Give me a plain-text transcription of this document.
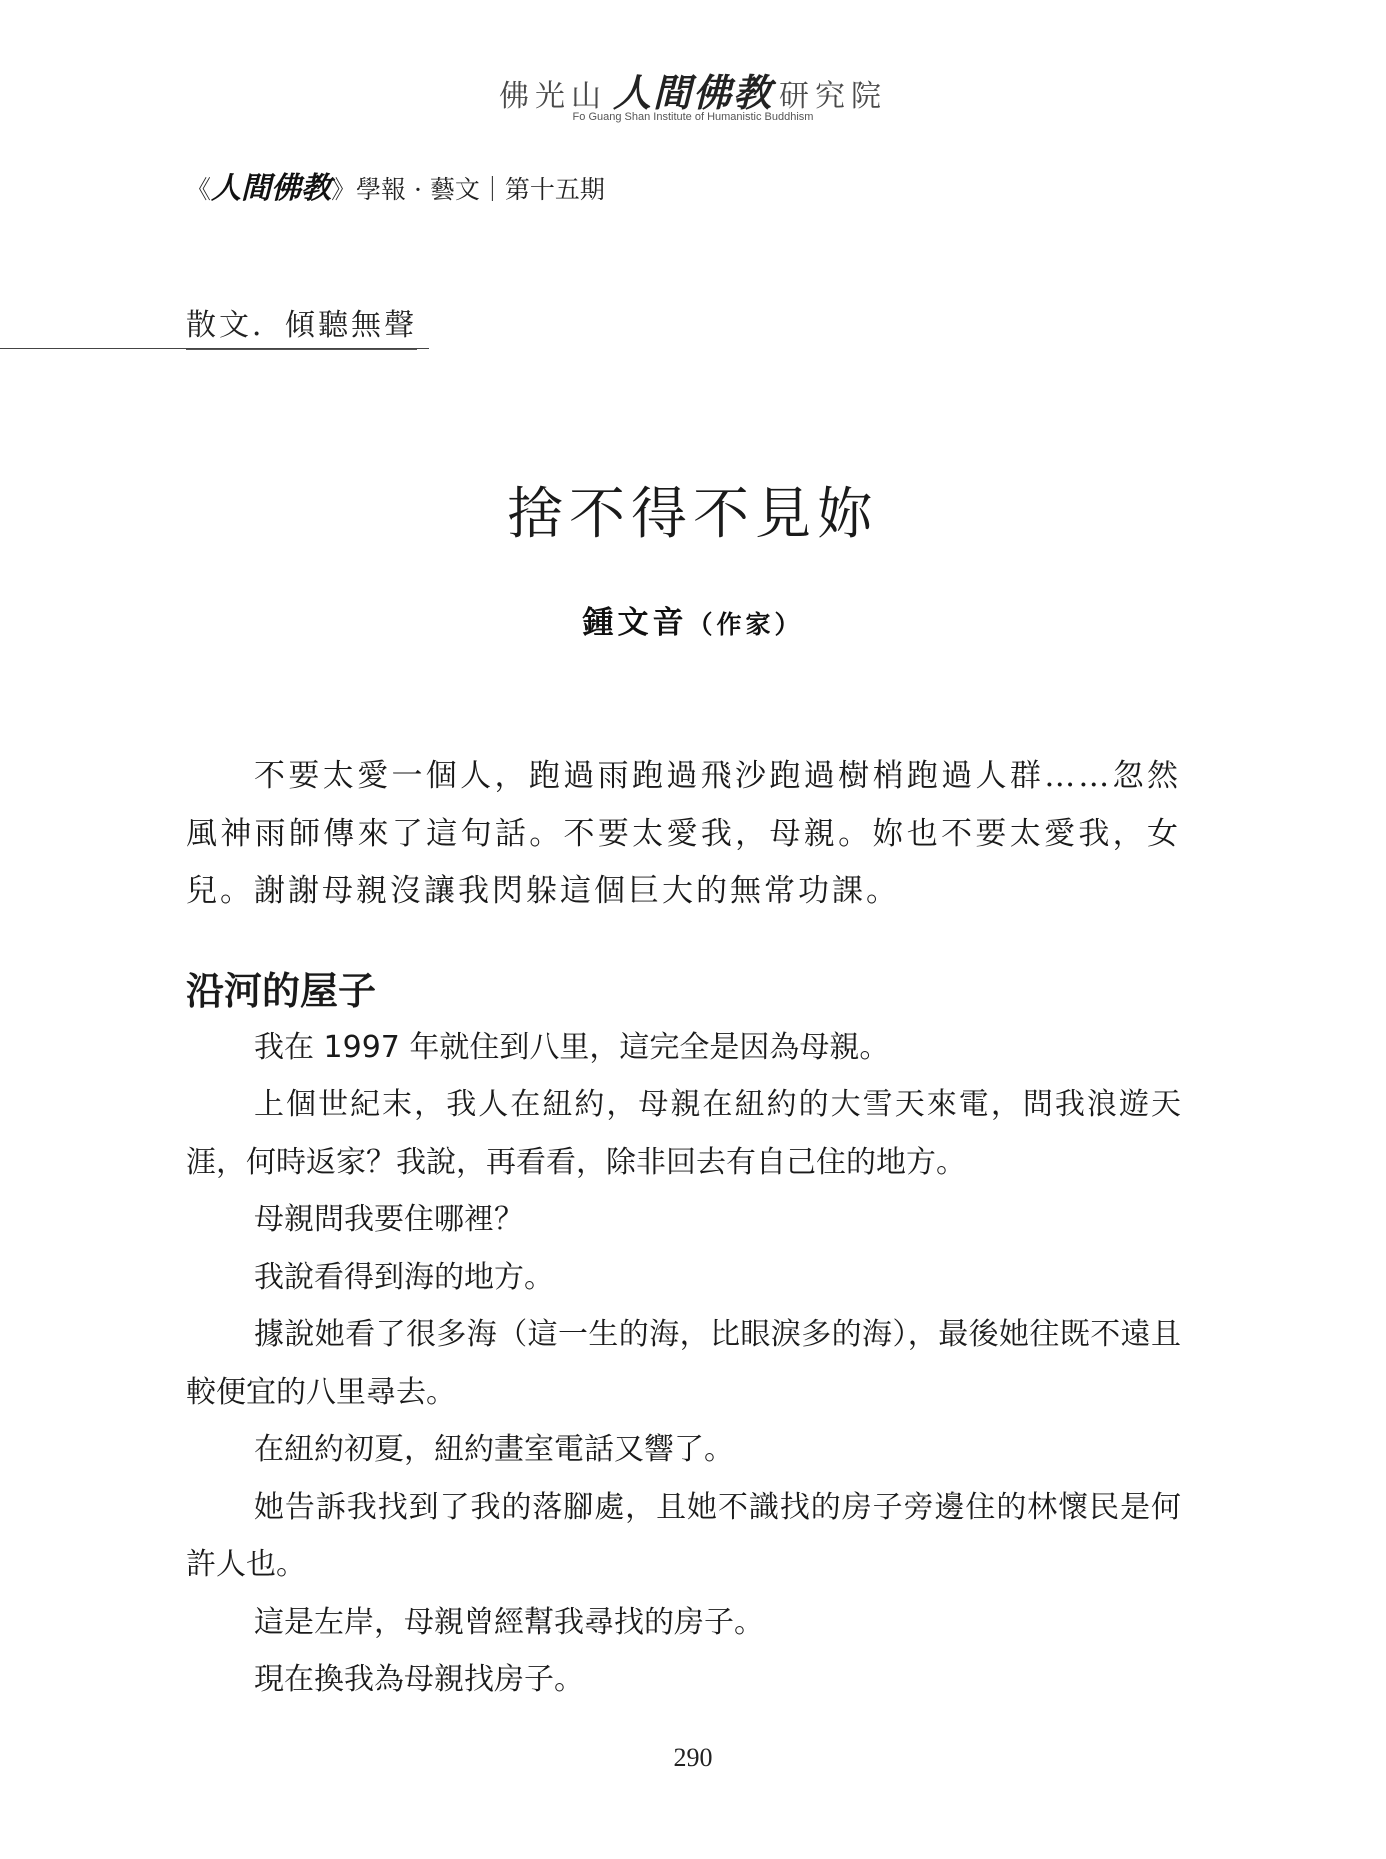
佛光山 人間佛教 研究院
Fo Guang Shan Institute of Humanistic Buddhism
《人間佛教》學報 · 藝文｜第十五期
散文．傾聽無聲
捨不得不見妳
鍾文音（作家）

不要太愛一個人，跑過雨跑過飛沙跑過樹梢跑過人群……忽然風神雨師傳來了這句話。不要太愛我，母親。妳也不要太愛我，女兒。謝謝母親沒讓我閃躲這個巨大的無常功課。

沿河的屋子

我在 1997 年就住到八里，這完全是因為母親。

上個世紀末，我人在紐約，母親在紐約的大雪天來電，問我浪遊天涯，何時返家？我說，再看看，除非回去有自己住的地方。

母親問我要住哪裡？

我說看得到海的地方。

據說她看了很多海（這一生的海，比眼淚多的海），最後她往既不遠且較便宜的八里尋去。

在紐約初夏，紐約畫室電話又響了。

她告訴我找到了我的落腳處，且她不識找的房子旁邊住的林懷民是何許人也。

這是左岸，母親曾經幫我尋找的房子。

現在換我為母親找房子。

290
